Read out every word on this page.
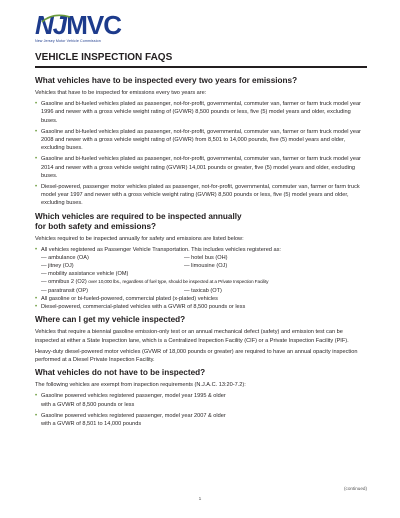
NJMVC
New Jersey Motor Vehicle Commission
VEHICLE INSPECTION FAQS
What vehicles have to be inspected every two years for emissions?

Vehicles that have to be inspected for emissions every two years are:

• Gasoline and bi-fueled vehicles plated as passenger, not-for-profit, governmental, commuter van, farmer or farm truck model year 1996 and newer with a gross vehicle weight rating of (GVWR) 8,500 pounds or less, five (5) model years and older, excluding buses.
• Gasoline and bi-fueled vehicles plated as passenger, not-for-profit, governmental, commuter van, farmer or farm truck model year 2008 and newer with a gross vehicle weight rating of (GVWR) from 8,501 to 14,000 pounds, five (5) model years and older, excluding buses.
• Gasoline and bi-fueled vehicles plated as passenger, not-for-profit, governmental, commuter van, farmer or farm truck model year 2014 and newer with a gross vehicle weight rating (GVWR) 14,001 pounds or greater, five (5) model years and older, excluding buses.
• Diesel-powered, passenger motor vehicles plated as passenger, not-for-profit, governmental, commuter van, farmer or farm truck model year 1997 and newer with a gross vehicle weight rating (GVWR) 8,500 pounds or less, five (5) model years and older, excluding buses.
Which vehicles are required to be inspected annually
for both safety and emissions?

Vehicles required to be inspected annually for safety and emissions are listed below:

• All vehicles registered as Passenger Vehicle Transportation. This includes vehicles registered as:
— ambulance (OA)	— hotel bus (OH)
— jitney (OJ)	— limousine (OJ)
— mobility assistance vehicle (OM)
— omnibus 2 (O2) over 10,000 lbs., regardless of fuel type, should be inspected at a Private Inspection Facility
— paratransit (OP)	— taxicab (OT)
• All gasoline or bi-fueled-powered, commercial plated (x-plated) vehicles
• Diesel-powered, commercial-plated vehicles with a GVWR of 8,500 pounds or less
Where can I get my vehicle inspected?

Vehicles that require a biennial gasoline emission-only test or an annual mechanical defect (safety) and emission test can be inspected at either a State Inspection lane, which is a Centralized Inspection Facility (CIF) or a Private Inspection Facility (PIF).

Heavy-duty diesel-powered motor vehicles (GVWR of 18,000 pounds or greater) are required to have an annual opacity inspection performed at a Diesel Private Inspection Facility.

What vehicles do not have to be inspected?

The following vehicles are exempt from inspection requirements (N.J.A.C. 13:20-7.2):

• Gasoline powered vehicles registered passenger, model year 1995 & older
with a GVWR of 8,500 pounds or less
• Gasoline powered vehicles registered passenger, model year 2007 & older
with a GVWR of 8,501 to 14,000 pounds
(continued)
1
